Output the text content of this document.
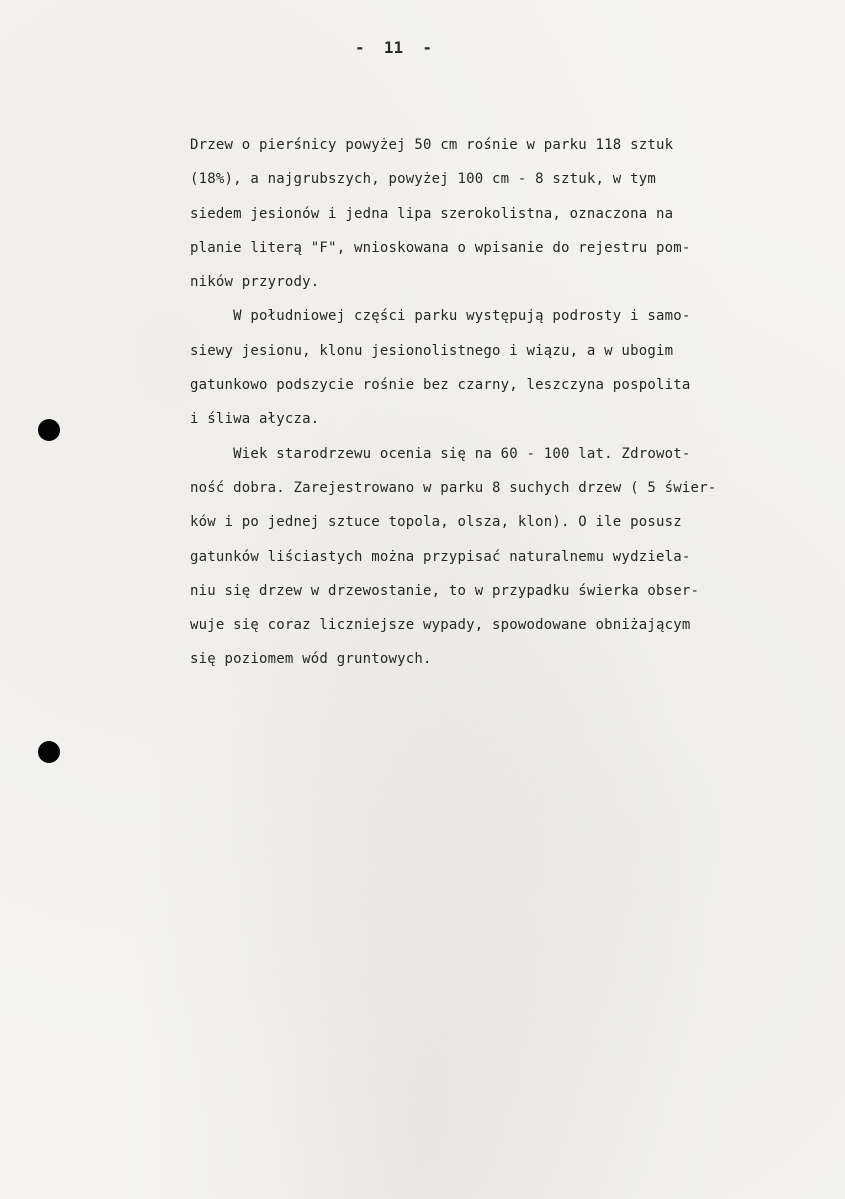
-  11  -
Drzew o pierśnicy powyżej 50 cm rośnie w parku 118 sztuk
(18%), a najgrubszych, powyżej 100 cm - 8 sztuk, w tym
siedem jesionów i jedna lipa szerokolistna, oznaczona na
planie literą "F", wnioskowana o wpisanie do rejestru pom-
ników przyrody.
W południowej części parku występują podrosty i samo-
siewy jesionu, klonu jesionolistnego i wiązu, a w ubogim
gatunkowo podszycie rośnie bez czarny, leszczyna pospolita
i śliwa ałycza.
Wiek starodrzewu ocenia się na 60 - 100 lat. Zdrowot-
ność dobra. Zarejestrowano w parku 8 suchych drzew ( 5 świer-
ków i po jednej sztuce topola, olsza, klon). O ile posusz
gatunków liściastych można przypisać naturalnemu wydziela-
niu się drzew w drzewostanie, to w przypadku świerka obser-
wuje się coraz liczniejsze wypady, spowodowane obniżającym
się poziomem wód gruntowych.
